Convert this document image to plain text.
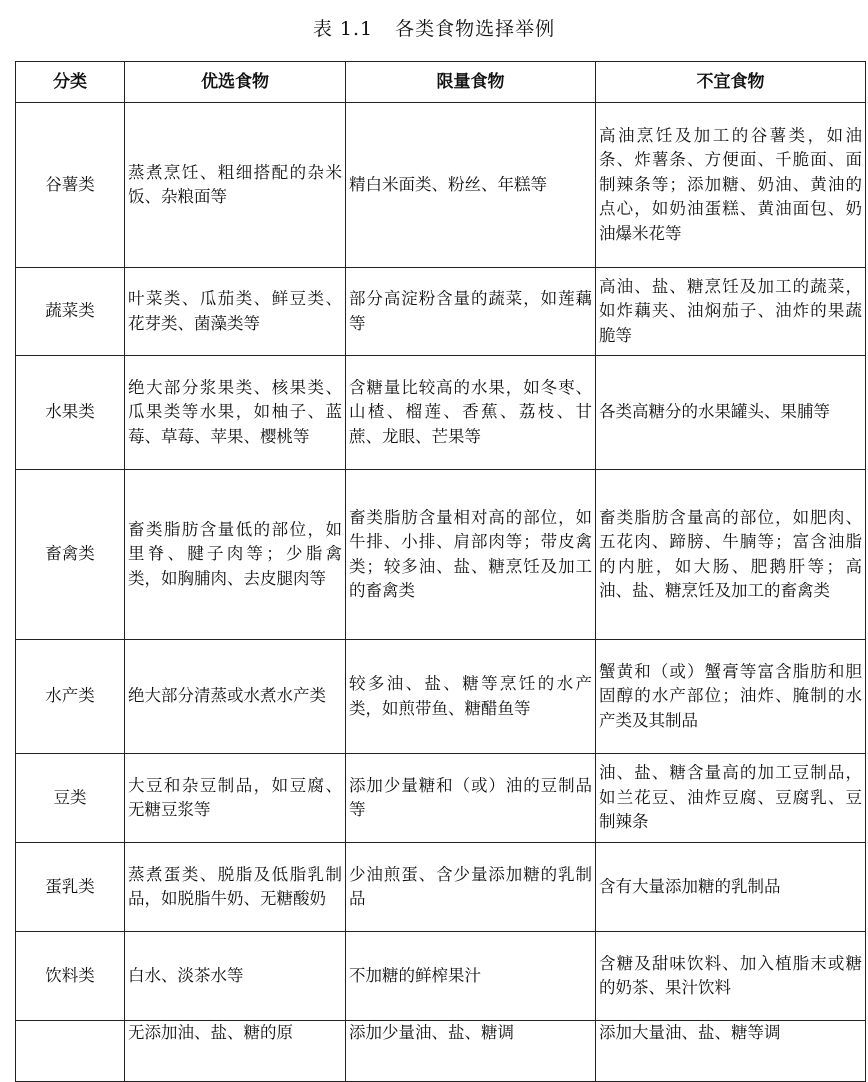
表 1.1 各类食物选择举例
分类	优选食物	限量食物	不宜食物
谷薯类	蒸煮烹饪、粗细搭配的杂米饭、杂粮面等	精白米面类、粉丝、年糕等	高油烹饪及加工的谷薯类，如油条、炸薯条、方便面、千脆面、面制辣条等；添加糖、奶油、黄油的点心，如奶油蛋糕、黄油面包、奶油爆米花等
蔬菜类	叶菜类、瓜茄类、鲜豆类、花芽类、菌藻类等	部分高淀粉含量的蔬菜，如莲藕等	高油、盐、糖烹饪及加工的蔬菜，如炸藕夹、油焖茄子、油炸的果蔬脆等
水果类	绝大部分浆果类、核果类、瓜果类等水果，如柚子、蓝莓、草莓、苹果、樱桃等	含糖量比较高的水果，如冬枣、山楂、榴莲、香蕉、荔枝、甘蔗、龙眼、芒果等	各类高糖分的水果罐头、果脯等
畜禽类	畜类脂肪含量低的部位，如里脊、腱子肉等；少脂禽类，如胸脯肉、去皮腿肉等	畜类脂肪含量相对高的部位，如牛排、小排、肩部肉等；带皮禽类；较多油、盐、糖烹饪及加工的畜禽类	畜类脂肪含量高的部位，如肥肉、五花肉、蹄膀、牛腩等；富含油脂的内脏，如大肠、肥鹅肝等；高油、盐、糖烹饪及加工的畜禽类
水产类	绝大部分清蒸或水煮水产类	较多油、盐、糖等烹饪的水产类，如煎带鱼、糖醋鱼等	蟹黄和（或）蟹膏等富含脂肪和胆固醇的水产部位；油炸、腌制的水产类及其制品
豆类	大豆和杂豆制品，如豆腐、无糖豆浆等	添加少量糖和（或）油的豆制品等	油、盐、糖含量高的加工豆制品，如兰花豆、油炸豆腐、豆腐乳、豆制辣条
蛋乳类	蒸煮蛋类、脱脂及低脂乳制品，如脱脂牛奶、无糖酸奶	少油煎蛋、含少量添加糖的乳制品	含有大量添加糖的乳制品
饮料类	白水、淡茶水等	不加糖的鲜榨果汁	含糖及甜味饮料、加入植脂末或糖的奶茶、果汁饮料
	无添加油、盐、糖的原	添加少量油、盐、糖调	添加大量油、盐、糖等调
